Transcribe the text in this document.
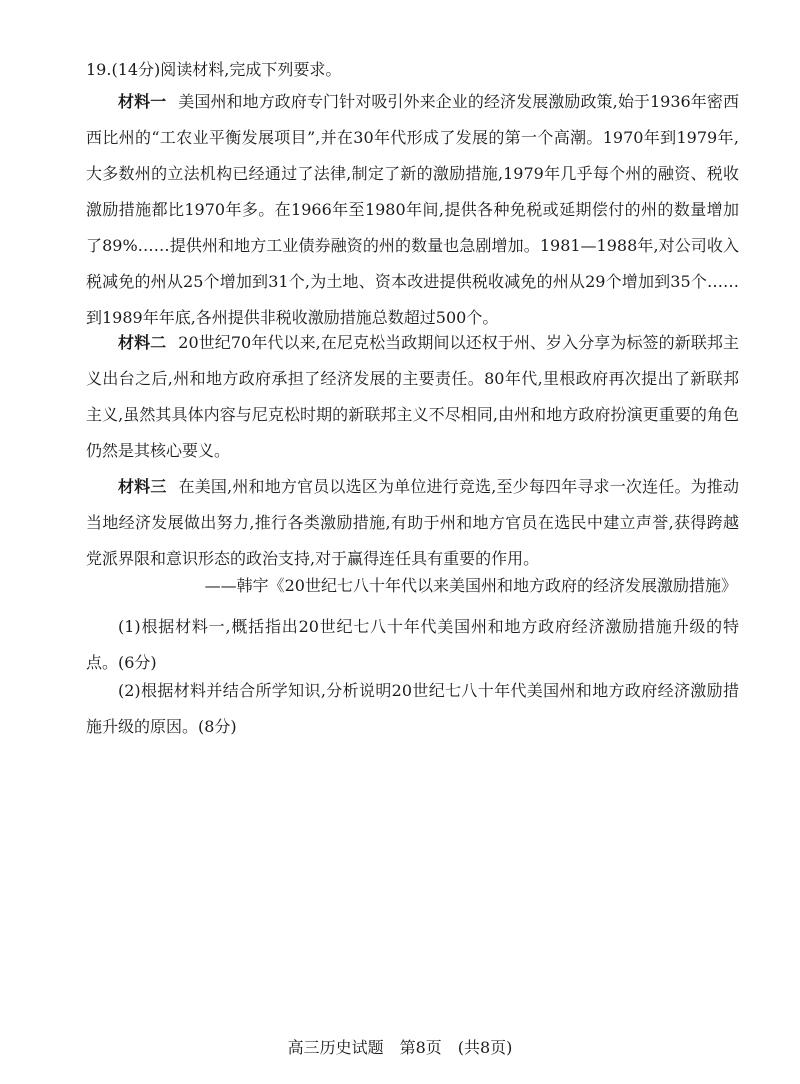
19.(14分)阅读材料,完成下列要求。
材料一 美国州和地方政府专门针对吸引外来企业的经济发展激励政策,始于1936年密西西比州的“工农业平衡发展项目”,并在30年代形成了发展的第一个高潮。1970年到1979年,大多数州的立法机构已经通过了法律,制定了新的激励措施,1979年几乎每个州的融资、税收激励措施都比1970年多。在1966年至1980年间,提供各种免税或延期偿付的州的数量增加了89%……提供州和地方工业债券融资的州的数量也急剧增加。1981—1988年,对公司收入税减免的州从25个增加到31个,为土地、资本改进提供税收减免的州从29个增加到35个……到1989年年底,各州提供非税收激励措施总数超过500个。
材料二 20世纪70年代以来,在尼克松当政期间以还权于州、岁入分享为标签的新联邦主义出台之后,州和地方政府承担了经济发展的主要责任。80年代,里根政府再次提出了新联邦主义,虽然其具体内容与尼克松时期的新联邦主义不尽相同,由州和地方政府扮演更重要的角色仍然是其核心要义。
材料三 在美国,州和地方官员以选区为单位进行竞选,至少每四年寻求一次连任。为推动当地经济发展做出努力,推行各类激励措施,有助于州和地方官员在选民中建立声誉,获得跨越党派界限和意识形态的政治支持,对于赢得连任具有重要的作用。
——韩宇《20世纪七八十年代以来美国州和地方政府的经济发展激励措施》
(1)根据材料一,概括指出20世纪七八十年代美国州和地方政府经济激励措施升级的特点。(6分)
(2)根据材料并结合所学知识,分析说明20世纪七八十年代美国州和地方政府经济激励措施升级的原因。(8分)
高三历史试题　第8页　(共8页)
